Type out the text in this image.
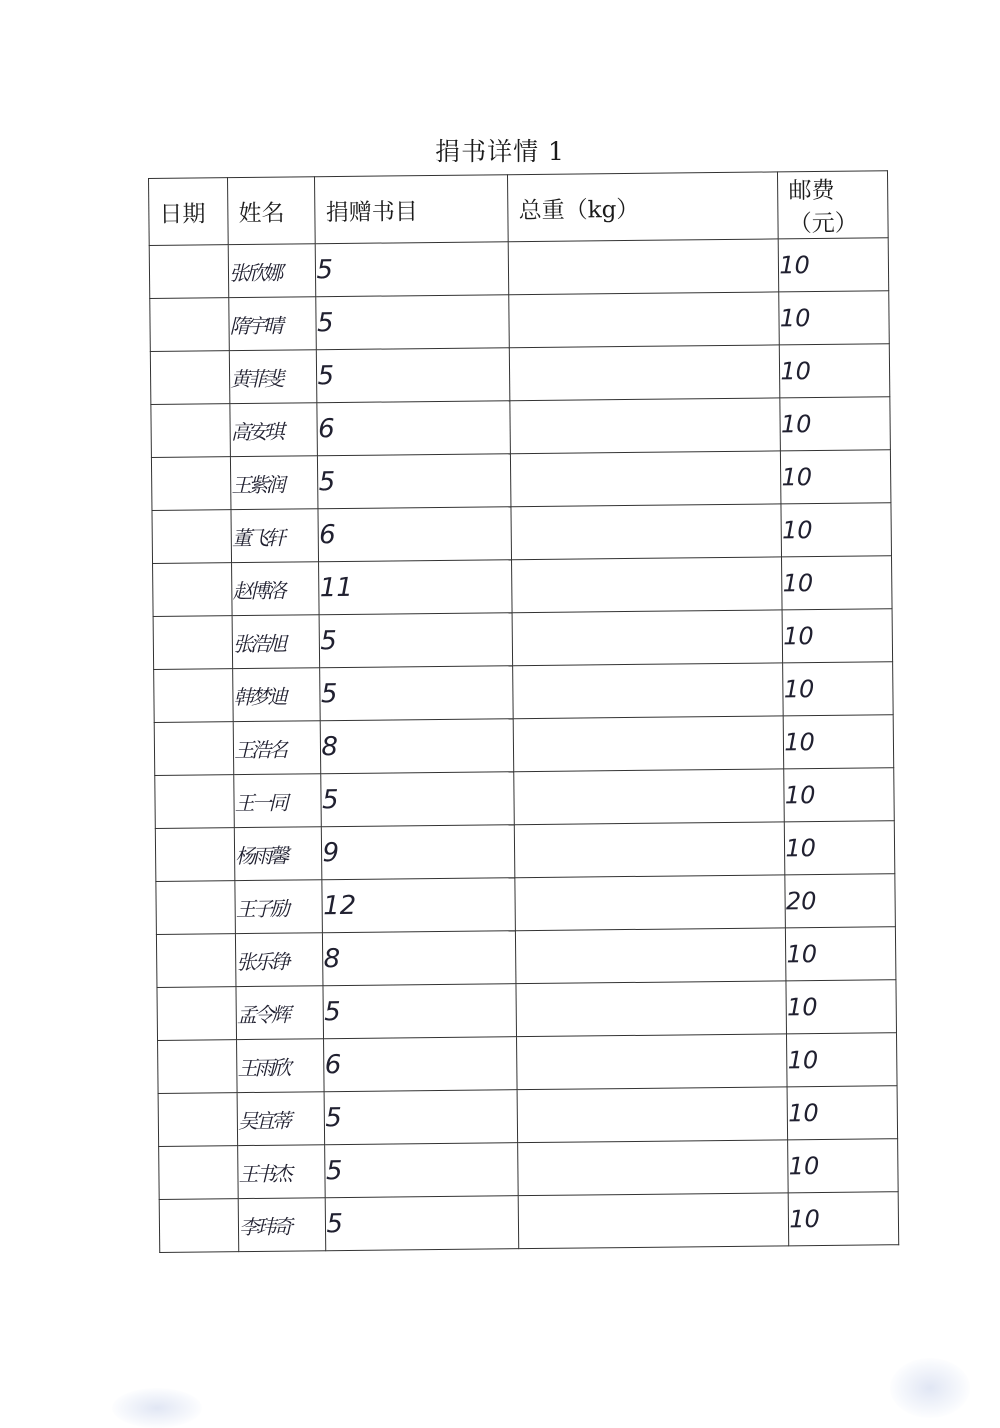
捐书详情 1
日期	姓名	捐赠书目	总重（kg）	邮费（元）
	张欣娜	5		10
	隋宇晴	5		10
	黄菲斐	5		10
	高安琪	6		10
	王紫润	5		10
	董飞轩	6		10
	赵博洛	11		10
	张浩旭	5		10
	韩梦迪	5		10
	王浩名	8		10
	王一同	5		10
	杨雨馨	9		10
	王子励	12		20
	张乐铮	8		10
	孟令辉	5		10
	王雨欣	6		10
	吴宜蒂	5		10
	王书杰	5		10
	李玮奇	5		10
